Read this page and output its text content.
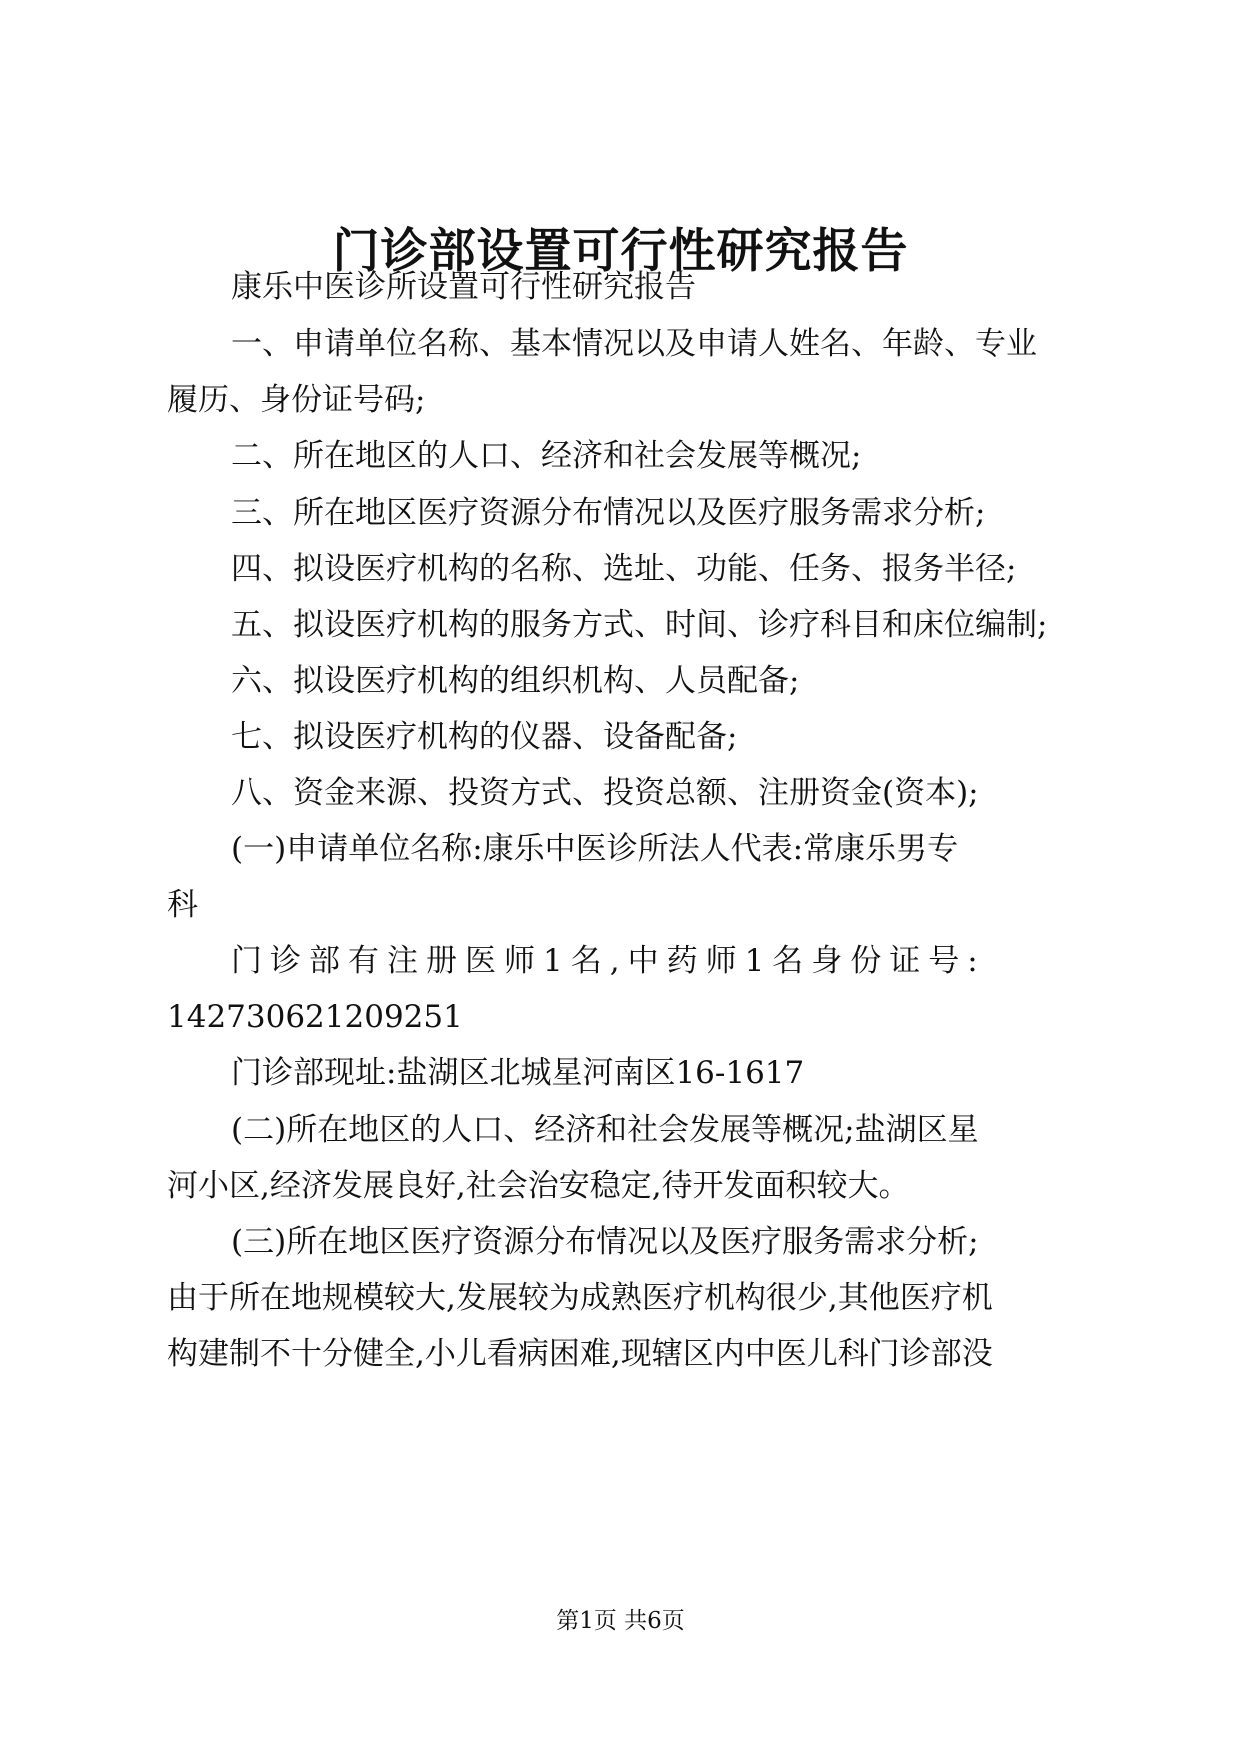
门诊部设置可行性研究报告
康乐中医诊所设置可行性研究报告
一、申请单位名称、基本情况以及申请人姓名、年龄、专业
履历、身份证号码;
二、所在地区的人口、经济和社会发展等概况;
三、所在地区医疗资源分布情况以及医疗服务需求分析;
四、拟设医疗机构的名称、选址、功能、任务、报务半径;
五、拟设医疗机构的服务方式、时间、诊疗科目和床位编制;
六、拟设医疗机构的组织机构、人员配备;
七、拟设医疗机构的仪器、设备配备;
八、资金来源、投资方式、投资总额、注册资金(资本);
(一)申请单位名称:康乐中医诊所法人代表:常康乐男专
科
门诊部有注册医师1名,中药师1名身份证号:
142730621209251
门诊部现址:盐湖区北城星河南区16-1617
(二)所在地区的人口、经济和社会发展等概况;盐湖区星
河小区,经济发展良好,社会治安稳定,待开发面积较大。
(三)所在地区医疗资源分布情况以及医疗服务需求分析;
由于所在地规模较大,发展较为成熟医疗机构很少,其他医疗机
构建制不十分健全,小儿看病困难,现辖区内中医儿科门诊部没
第1页 共6页
